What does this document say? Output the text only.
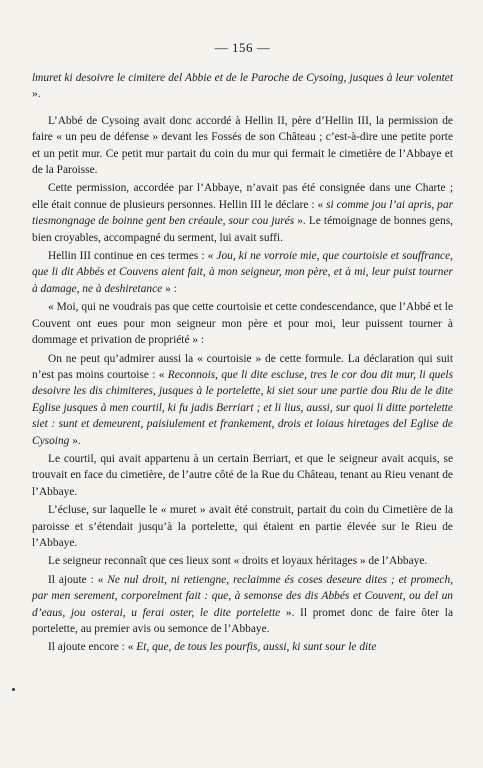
— 156 —

lmuret ki desoivre le cimitere del Abbie et de le Paroche de Cysoing, jusques à leur volentet ».

L’Abbé de Cysoing avait donc accordé à Hellin II, père d’Hellin III, la permission de faire « un peu de défense » devant les Fossés de son Château ; c’est-à-dire une petite porte et un petit mur. Ce petit mur partait du coin du mur qui fermait le cimetière de l’Abbaye et de la Paroisse.

Cette permission, accordée par l’Abbaye, n’avait pas été consignée dans une Charte ; elle était connue de plusieurs personnes. Hellin III le déclare : « si comme jou l’ai apris, par tiesmongnage de boinne gent ben créaule, sour cou jurés ». Le témoignage de bonnes gens, bien croyables, accompagné du serment, lui avait suffi.

Hellin III continue en ces termes : « Jou, ki ne vorroie mie, que courtoisie et souffrance, que li dit Abbés et Couvens aient fait, à mon seigneur, mon père, et à mi, leur puist tourner à damage, ne à deshiretance » :

« Moi, qui ne voudrais pas que cette courtoisie et cette condescendance, que l’Abbé et le Couvent ont eues pour mon seigneur mon père et pour moi, leur puissent tourner à dommage et privation de propriété » :

On ne peut qu’admirer aussi la « courtoisie » de cette formule. La déclaration qui suit n’est pas moins courtoise : « Reconnois, que li dite escluse, tres le cor dou dit mur, li quels desoivre les dis chimiteres, jusques à le portelette, ki siet sour une partie dou Riu de le dite Eglise jusques à men courtil, ki fu jadis Berriart ; et li lius, aussi, sur quoi li ditte portelette siet : sunt et demeurent, paisiulement et frankement, drois et loiaus hiretages del Eglise de Cysoing ».

Le courtil, qui avait appartenu à un certain Berriart, et que le seigneur avait acquis, se trouvait en face du cimetière, de l’autre côté de la Rue du Château, tenant au Rieu venant de l’Abbaye.

L’écluse, sur laquelle le « muret » avait été construit, partait du coin du Cimetière de la paroisse et s’étendait jusqu’à la portelette, qui étaient en partie élevée sur le Rieu de l’Abbaye.

Le seigneur reconnaît que ces lieux sont « droits et loyaux héritages » de l’Abbaye.

Il ajoute : « Ne nul droit, ni retiengne, reclaimme és coses deseure dites ; et promech, par men serement, corporelment fait : que, à semonse des dis Abbés et Couvent, ou del un d’eaus, jou osterai, u ferai oster, le dite portelette ». Il promet donc de faire ôter la portelette, au premier avis ou semonce de l’Abbaye.

Il ajoute encore : « Et, que, de tous les pourfis, aussi, ki sunt sour le dite
